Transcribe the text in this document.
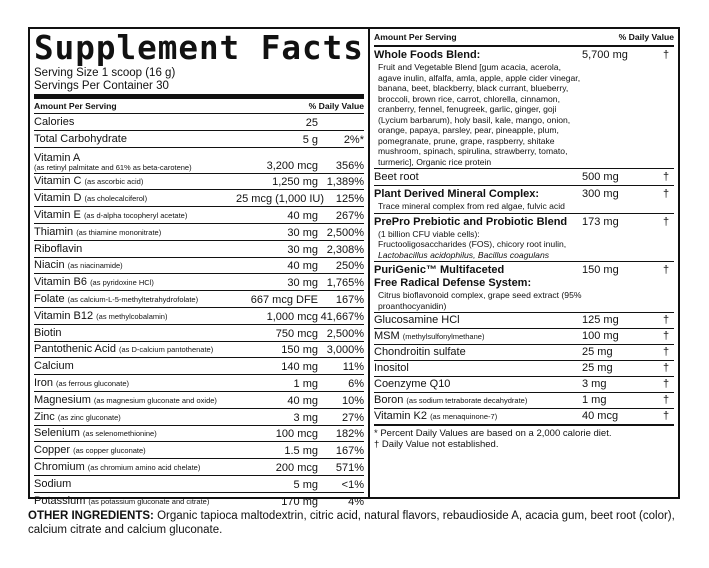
Supplement Facts
Serving Size 1 scoop (16 g)
Servings Per Container 30
Amount Per Serving	% Daily Value
Calories	25
Total Carbohydrate	5 g	2%*
Vitamin A
(as retinyl palmitate and 61% as beta-carotene)	3,200 mcg	356%
Vitamin C (as ascorbic acid)	1,250 mg 1,389%
Vitamin D (as cholecalciferol)	25 mcg (1,000 IU)	125%
Vitamin E (as d-alpha tocopheryl acetate)	40 mg	267%
Thiamin (as thiamine mononitrate)	30 mg 2,500%
Riboflavin	30 mg 2,308%
Niacin (as niacinamide)	40 mg	250%
Vitamin B6 (as pyridoxine HCl)	30 mg 1,765%
Folate (as calcium-L-5-methyltetrahydrofolate)	667 mcg DFE	167%
Vitamin B12 (as methylcobalamin)	1,000 mcg 41,667%
Biotin	750 mcg 2,500%
Pantothenic Acid (as D-calcium pantothenate)	150 mg 3,000%
Calcium	140 mg	11%
Iron (as ferrous gluconate)	1 mg	6%
Magnesium (as magnesium gluconate and oxide)	40 mg	10%
Zinc (as zinc gluconate)	3 mg	27%
Selenium (as selenomethionine)	100 mcg	182%
Copper (as copper gluconate)	1.5 mg	167%
Chromium (as chromium amino acid chelate)	200 mcg	571%
Sodium	5 mg	<1%
Potassium (as potassium gluconate and citrate)	170 mg	4%
Amount Per Serving	% Daily Value
Whole Foods Blend:
Fruit and Vegetable Blend [gum acacia, acerola, agave inulin, alfalfa, amla, apple, apple cider vinegar, banana, beet, blackberry, black currant, blueberry, broccoli, brown rice, carrot, chlorella, cinnamon, cranberry, fennel, fenugreek, garlic, ginger, goji (Lycium barbarum), holy basil, kale, mango, onion, orange, papaya, parsley, pear, pineapple, plum, pomegranate, prune, grape, raspberry, shitake mushroom, spinach, spirulina, strawberry, tomato, turmeric], Organic rice protein
5,700 mg	†
Beet root	500 mg	†
Plant Derived Mineral Complex:
Trace mineral complex from red algae, fulvic acid
300 mg	†
PrePro Prebiotic and Probiotic Blend
(1 billion CFU viable cells):
Fructooligosaccharides (FOS), chicory root inulin,
Lactobacillus acidophilus, Bacillus coagulans
173 mg	†
PuriGenic™ Multifaceted
Free Radical Defense System:
Citrus bioflavonoid complex, grape seed extract (95% proanthocyanidin)
150 mg	†
Glucosamine HCl	125 mg	†
MSM (methylsulfonylmethane)	100 mg	†
Chondroitin sulfate	25 mg	†
Inositol	25 mg	†
Coenzyme Q10	3 mg	†
Boron (as sodium tetraborate decahydrate)	1 mg	†
Vitamin K2 (as menaquinone-7)	40 mcg	†
* Percent Daily Values are based on a 2,000 calorie diet.
† Daily Value not established.
OTHER INGREDIENTS: Organic tapioca maltodextrin, citric acid, natural flavors, rebaudioside A, acacia gum, beet root (color), calcium citrate and calcium gluconate.
